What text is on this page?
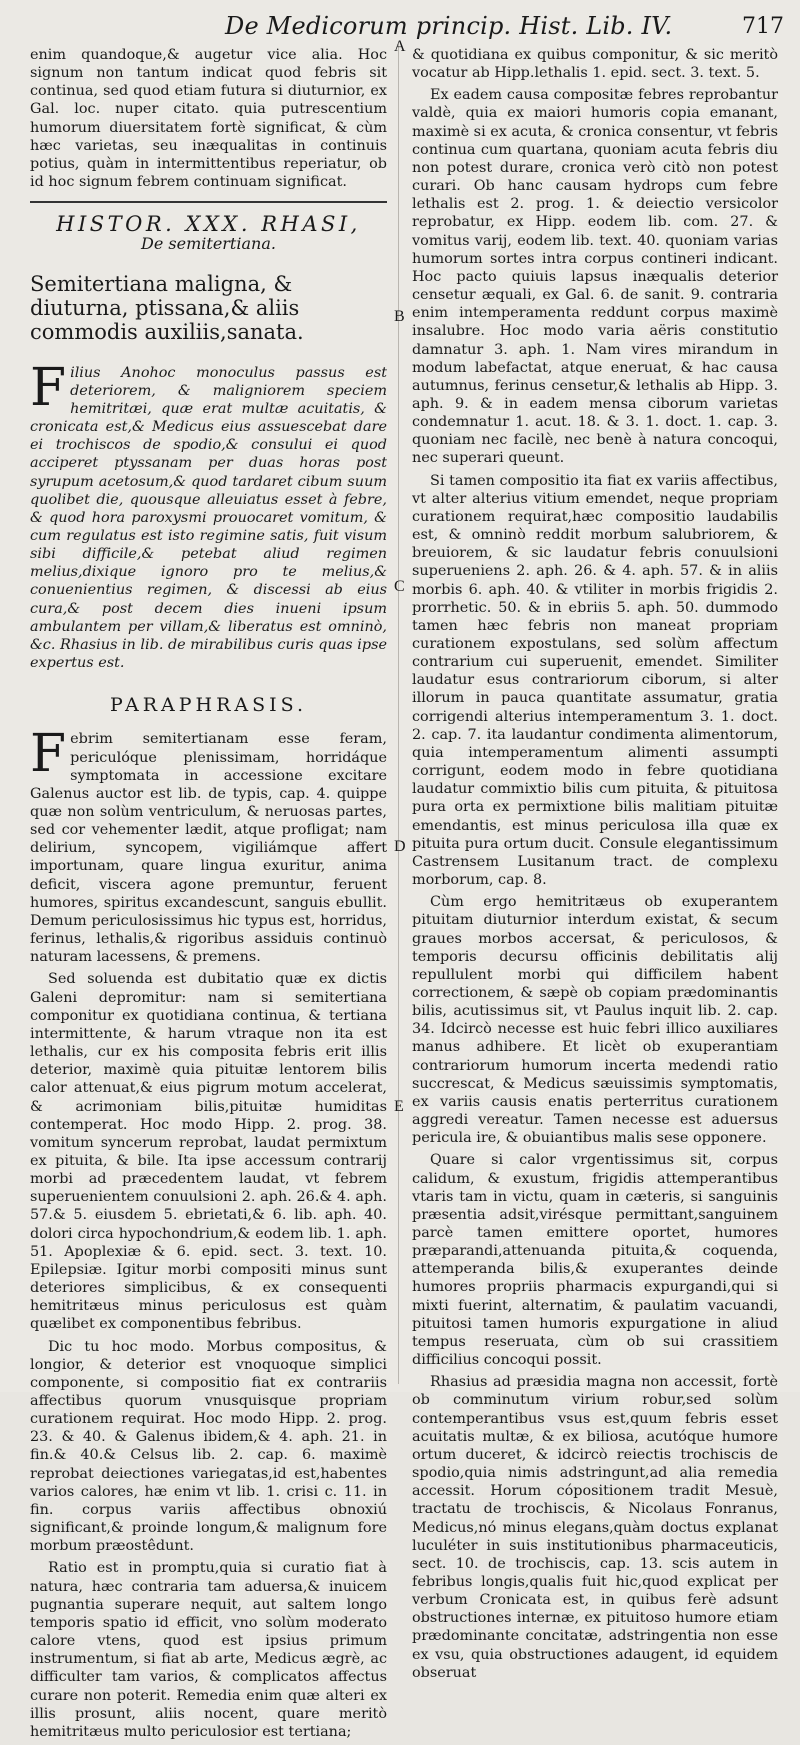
De Medicorum princip. Hist. Lib. IV.	717
A
B
C
D
E

enim quandoque,& augetur vice alia. Hoc signum non tantum indicat quod febris sit continua, sed quod etiam futura si diuturnior, ex Gal. loc. nuper citato. quia putrescentium humorum diuersitatem fortè significat, & cùm hæc varietas, seu inæqualitas in continuis potius, quàm in intermittentibus reperiatur, ob id hoc signum febrem continuam significat.

HISTOR. XXX. RHASI,
De semitertiana.
Semitertiana maligna, & diuturna, ptissana,& aliis commodis auxiliis,sanata.
Filius Anohoc monoculus passus est deteriorem, & maligniorem speciem hemitritæi, quæ erat multæ acuitatis, & cronicata est,& Medicus eius assuescebat dare ei trochiscos de spodio,& consului ei quod acciperet ptyssanam per duas horas post syrupum acetosum,& quod tardaret cibum suum quolibet die, quousque alleuiatus esset à febre, & quod hora paroxysmi prouocaret vomitum, & cum regulatus est isto regimine satis, fuit visum sibi difficile,& petebat aliud regimen melius,dixique ignoro pro te melius,& conuenientius regimen, & discessi ab eius cura,& post decem dies inueni ipsum ambulantem per villam,& liberatus est omninò, &c. Rhasius in lib. de mirabilibus curis quas ipse expertus est.
PARAPHRASIS.
Febrim semitertianam esse feram, periculóque plenissimam, horridáque symptomata in accessione excitare Galenus auctor est lib. de typis, cap. 4. quippe quæ non solùm ventriculum, & neruosas partes, sed cor vehementer lædit, atque profligat; nam delirium, syncopem, vigiliámque affert importunam, quare lingua exuritur, anima deficit, viscera agone premuntur, feruent humores, spiritus excandescunt, sanguis ebullit. Demum periculosissimus hic typus est, horridus, ferinus, lethalis,& rigoribus assiduis continuò naturam lacessens, & premens.

Sed soluenda est dubitatio quæ ex dictis Galeni depromitur: nam si semitertiana componitur ex quotidiana continua, & tertiana intermittente, & harum vtraque non ita est lethalis, cur ex his composita febris erit illis deterior, maximè quia pituitæ lentorem bilis calor attenuat,& eius pigrum motum accelerat, & acrimoniam bilis,pituitæ humiditas contemperat. Hoc modo Hipp. 2. prog. 38. vomitum syncerum reprobat, laudat permixtum ex pituita, & bile. Ita ipse accessum contrarij morbi ad præcedentem laudat, vt febrem superuenientem conuulsioni 2. aph. 26.& 4. aph. 57.& 5. eiusdem 5. ebrietati,& 6. lib. aph. 40. dolori circa hypochondrium,& eodem lib. 1. aph. 51. Apoplexiæ & 6. epid. sect. 3. text. 10. Epilepsiæ. Igitur morbi compositi minus sunt deteriores simplicibus, & ex consequenti hemitritæus minus periculosus est quàm quælibet ex componentibus febribus.

Dic tu hoc modo. Morbus compositus, & longior, & deterior est vnoquoque simplici componente, si compositio fiat ex contrariis affectibus quorum vnusquisque propriam curationem requirat. Hoc modo Hipp. 2. prog. 23. & 40. & Galenus ibidem,& 4. aph. 21. in fin.& 40.& Celsus lib. 2. cap. 6. maximè reprobat deiectiones variegatas,id est,habentes varios calores, hæ enim vt lib. 1. crisi c. 11. in fin. corpus variis affectibus obnoxiú significant,& proinde longum,& malignum fore morbum præostêdunt.

Ratio est in promptu,quia si curatio fiat à natura, hæc contraria tam aduersa,& inuicem pugnantia superare nequit, aut saltem longo temporis spatio id efficit, vno solùm moderato calore vtens, quod est ipsius primum instrumentum, si fiat ab arte, Medicus ægrè, ac difficulter tam varios, & complicatos affectus curare non poterit. Remedia enim quæ alteri ex illis prosunt, aliis nocent, quare meritò hemitritæus multo periculosior est tertiana;

& quotidiana ex quibus componitur, & sic meritò vocatur ab Hipp.lethalis 1. epid. sect. 3. text. 5.

Ex eadem causa compositæ febres reprobantur valdè, quia ex maiori humoris copia emanant, maximè si ex acuta, & cronica consentur, vt febris continua cum quartana, quoniam acuta febris diu non potest durare, cronica verò citò non potest curari. Ob hanc causam hydrops cum febre lethalis est 2. prog. 1. & deiectio versicolor reprobatur, ex Hipp. eodem lib. com. 27. & vomitus varij, eodem lib. text. 40. quoniam varias humorum sortes intra corpus contineri indicant. Hoc pacto quiuis lapsus inæqualis deterior censetur æquali, ex Gal. 6. de sanit. 9. contraria enim intemperamenta reddunt corpus maximè insalubre. Hoc modo varia aëris constitutio damnatur 3. aph. 1. Nam vires mirandum in modum labefactat, atque eneruat, & hac causa autumnus, ferinus censetur,& lethalis ab Hipp. 3. aph. 9. & in eadem mensa ciborum varietas condemnatur 1. acut. 18. & 3. 1. doct. 1. cap. 3. quoniam nec facilè, nec benè à natura concoqui, nec superari queunt.

Si tamen compositio ita fiat ex variis affectibus, vt alter alterius vitium emendet, neque propriam curationem requirat,hæc compositio laudabilis est, & omninò reddit morbum salubriorem, & breuiorem, & sic laudatur febris conuulsioni superueniens 2. aph. 26. & 4. aph. 57. & in aliis morbis 6. aph. 40. & vtiliter in morbis frigidis 2. prorrhetic. 50. & in ebriis 5. aph. 50. dummodo tamen hæc febris non maneat propriam curationem expostulans, sed solùm affectum contrarium cui superuenit, emendet. Similiter laudatur esus contrariorum ciborum, si alter illorum in pauca quantitate assumatur, gratia corrigendi alterius intemperamentum 3. 1. doct. 2. cap. 7. ita laudantur condimenta alimentorum, quia intemperamentum alimenti assumpti corrigunt, eodem modo in febre quotidiana laudatur commixtio bilis cum pituita, & pituitosa pura orta ex permixtione bilis malitiam pituitæ emendantis, est minus periculosa illa quæ ex pituita pura ortum ducit. Consule elegantissimum Castrensem Lusitanum tract. de complexu morborum, cap. 8.

Cùm ergo hemitritæus ob exuperantem pituitam diuturnior interdum existat, & secum graues morbos accersat, & periculosos, & temporis decursu officinis debilitatis alij repullulent morbi qui difficilem habent correctionem, & sæpè ob copiam prædominantis bilis, acutissimus sit, vt Paulus inquit lib. 2. cap. 34. Idcircò necesse est huic febri illico auxiliares manus adhibere. Et licèt ob exuperantiam contrariorum humorum incerta medendi ratio succrescat, & Medicus sæuissimis symptomatis, ex variis causis enatis perterritus curationem aggredi vereatur. Tamen necesse est aduersus pericula ire, & obuiantibus malis sese opponere.

Quare si calor vrgentissimus sit, corpus calidum, & exustum, frigidis attemperantibus vtaris tam in victu, quam in cæteris, si sanguinis præsentia adsit,virésque permittant,sanguinem parcè tamen emittere oportet, humores præparandi,attenuanda pituita,& coquenda, attemperanda bilis,& exuperantes deinde humores propriis pharmacis expurgandi,qui si mixti fuerint, alternatim, & paulatim vacuandi, pituitosi tamen humoris expurgatione in aliud tempus reseruata, cùm ob sui crassitiem difficilius concoqui possit.

Rhasius ad præsidia magna non accessit, fortè ob comminutum virium robur,sed solùm contemperantibus vsus est,quum febris esset acuitatis multæ, & ex biliosa, acutóque humore ortum duceret, & idcircò reiectis trochiscis de spodio,quia nimis adstringunt,ad alia remedia accessit. Horum cópositionem tradit Mesuè, tractatu de trochiscis, & Nicolaus Fonranus, Medicus,nó minus elegans,quàm doctus explanat luculéter in suis institutionibus pharmaceuticis, sect. 10. de trochiscis, cap. 13. scis autem in febribus longis,qualis fuit hic,quod explicat per verbum Cronicata est, in quibus ferè adsunt obstructiones internæ, ex pituitoso humore etiam prædominante concitatæ, adstringentia non esse ex vsu, quia obstructiones adaugent, id equidem obseruat
